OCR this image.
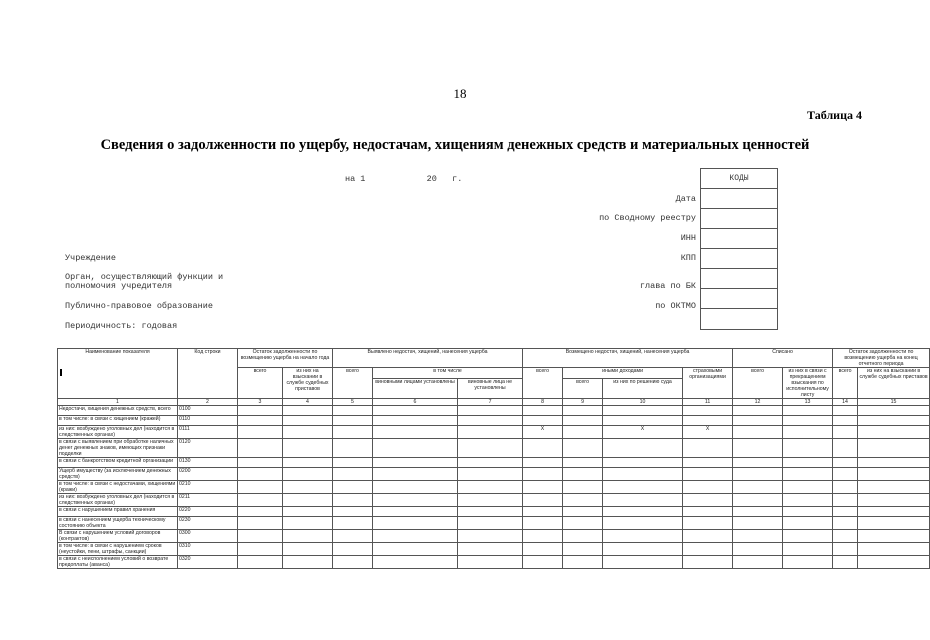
18
Таблица 4
Сведения о задолженности по ущербу, недостачам, хищениям денежных средств и материальных ценностей
на 1            20   г.
Дата
по Сводному реестру
ИНН
КПП
глава по БК
по ОКТМО
КОДЫ
Учреждение
Орган, осуществляющий функции и
полномочия учредителя
Публично-правовое образование
Периодичность: годовая
Наименование показателя	Код строки	Остаток задолженности по возмещению ущерба на начало года		Выявлено недостач, хищений, нанесения ущерба			Возмещено недостач, хищений, нанесения ущерба				Списано		Остаток задолженности по возмещению ущерба на конец отчетного периода	
		всего	из них на взыскании в службе судебных приставов	всего	в том числе		всего	иными доходами		страховыми организациями	всего	из них в связи с прекращением взыскания по исполнительному листу	всего	из них на взыскании в службе судебных приставов
					виновными лицами установлены	виновные лица не установлены		всего	из них по решению суда					
1	2	3	4	5	6	7	8	9	10	11	12	13	14	15
Недостачи, хищения денежных средств, всего	0100													
в том числе: в связи с хищением (кражей)	0110													
из них: возбуждено уголовных дел (находится в следственных органах)	0111						Х		Х	Х				
в связи с выявлением при обработке наличных денег денежных знаков, имеющих признаки подделки	0120													
в связи с банкротством кредитной организации	0130													
Ущерб имуществу (за исключением денежных средств)	0200													
в том числе: в связи с недостачами, хищениями (кражи)	0210													
из них: возбуждено уголовных дел (находится в следственных органах)	0211													
в связи с нарушением правил хранения	0220													
в связи с нанесением ущерба техническому состоянию объекта	0230													
В связи с нарушением условий договоров (контрактов)	0300													
в том числе: в связи с нарушением сроков (неустойки, пени, штрафы, санкции)	0310													
в связи с неисполнением условий о возврате предоплаты (аванса)	0320													
